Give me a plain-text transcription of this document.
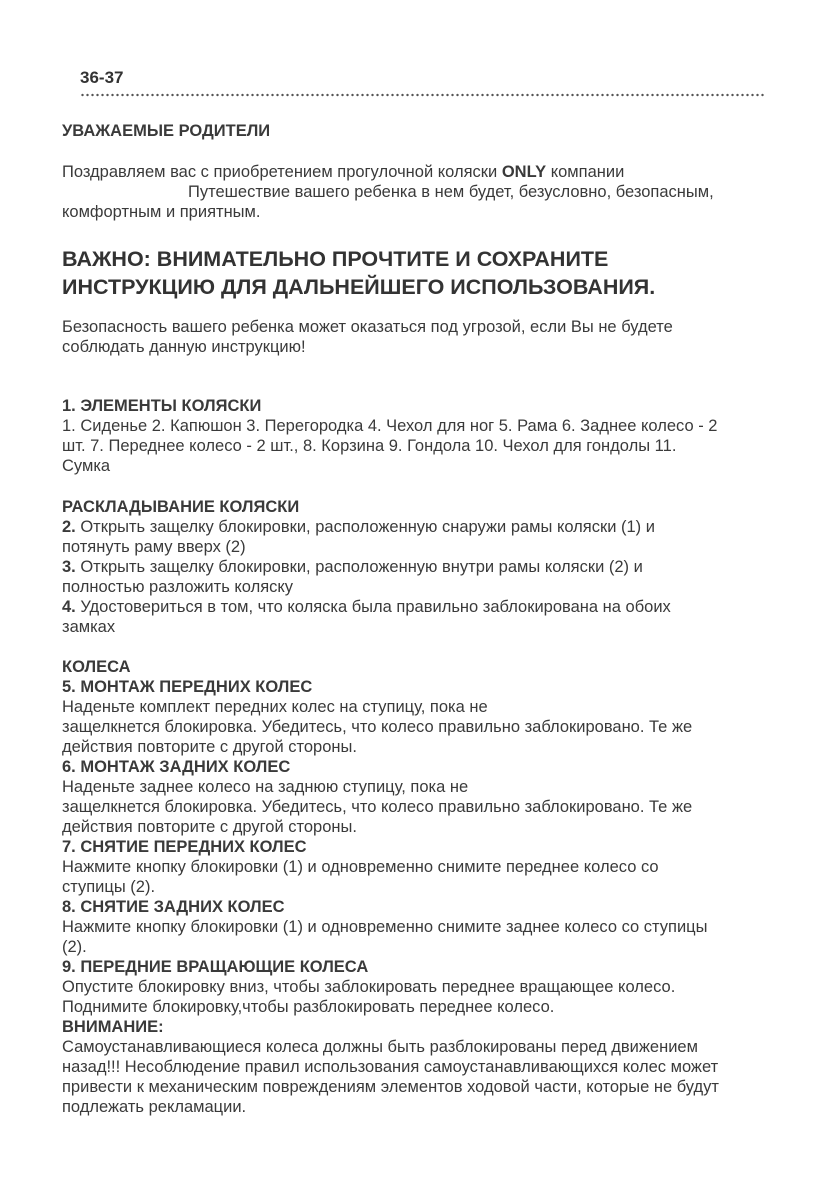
36-37

УВАЖАЕМЫЕ РОДИТЕЛИ

Поздравляем вас с приобретением прогулочной коляски ONLY компании

Путешествие вашего ребенка в нем будет, безусловно, безопасным,

комфортным и приятным.

ВАЖНО: ВНИМАТЕЛЬНО ПРОЧТИТЕ И СОХРАНИТЕ

ИНСТРУКЦИЮ ДЛЯ ДАЛЬНЕЙШЕГО ИСПОЛЬЗОВАНИЯ.

Безопасность вашего ребенка может оказаться под угрозой, если Вы не будете

соблюдать данную инструкцию!

1. ЭЛЕМЕНТЫ КОЛЯСКИ

1. Сиденье 2. Капюшон 3. Перегородка 4. Чехол для ног 5. Рама 6. Заднее колесо - 2

шт. 7. Переднее колесо - 2 шт., 8. Корзина 9. Гондола 10. Чехол для гондолы 11.

Сумка

РАСКЛАДЫВАНИЕ КОЛЯСКИ

2. Открыть защелку блокировки, расположенную снаружи рамы коляски (1) и

потянуть раму вверх (2)

3. Открыть защелку блокировки, расположенную внутри рамы коляски (2) и

полностью разложить коляску

4. Удостовериться в том, что коляска была правильно заблокирована на обоих

замках

КОЛЕСА

5. МОНТАЖ ПЕРЕДНИХ КОЛЕС

Наденьте комплект передних колес на ступицу, пока не

защелкнется блокировка. Убедитесь, что колесо правильно заблокировано. Те же

действия повторите с другой стороны.

6. МОНТАЖ ЗАДНИХ КОЛЕС

Наденьте заднее колесо на заднюю ступицу, пока не

защелкнется блокировка. Убедитесь, что колесо правильно заблокировано. Те же

действия повторите с другой стороны.

7. СНЯТИЕ ПЕРЕДНИХ КОЛЕС

Нажмите кнопку блокировки (1) и одновременно снимите переднее колесо со

ступицы (2).

8. СНЯТИЕ ЗАДНИХ КОЛЕС

Нажмите кнопку блокировки (1) и одновременно снимите заднее колесо со ступицы

(2).

9. ПЕРЕДНИЕ ВРАЩАЮЩИЕ КОЛЕСА

Опустите блокировку вниз, чтобы заблокировать переднее вращающее колесо.

Поднимите блокировку,чтобы разблокировать переднее колесо.

ВНИМАНИЕ:

Самоустанавливающиеся колеса должны быть разблокированы перед движением

назад!!! Несоблюдение правил использования самоустанавливающихся колес может

привести к механическим повреждениям элементов ходовой части, которые не будут

подлежать рекламации.
